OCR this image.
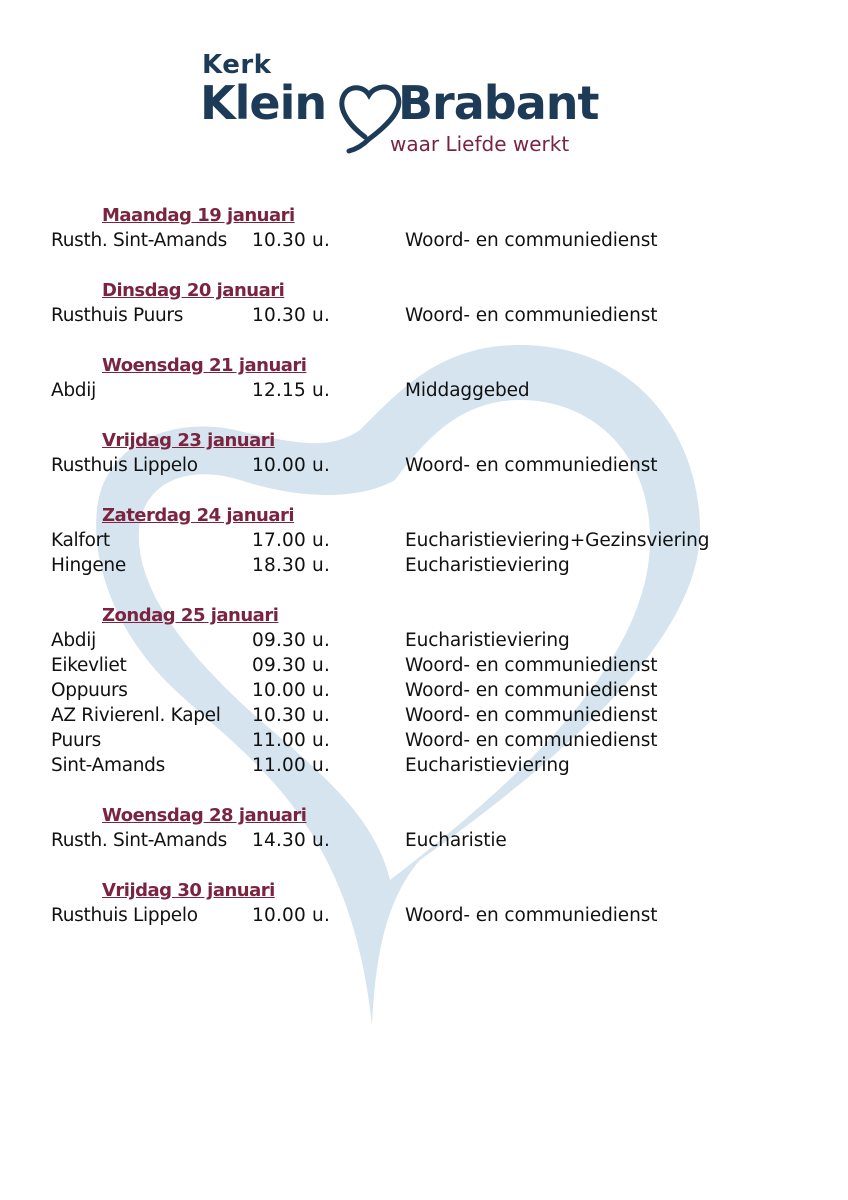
Kerk
Klein Brabant
waar Liefde werkt
Maandag 19 januari
Rusth. Sint-Amands	10.30 u.	Woord- en communiedienst
Dinsdag 20 januari
Rusthuis Puurs	10.30 u.	Woord- en communiedienst
Woensdag 21 januari
Abdij	12.15 u.	Middaggebed
Vrijdag 23 januari
Rusthuis Lippelo	10.00 u.	Woord- en communiedienst
Zaterdag 24 januari
Kalfort	17.00 u.	Eucharistieviering+Gezinsviering
Hingene	18.30 u.	Eucharistieviering
Zondag 25 januari
Abdij	09.30 u.	Eucharistieviering
Eikevliet	09.30 u.	Woord- en communiedienst
Oppuurs	10.00 u.	Woord- en communiedienst
AZ Rivierenl. Kapel	10.30 u.	Woord- en communiedienst
Puurs	11.00 u.	Woord- en communiedienst
Sint-Amands	11.00 u.	Eucharistieviering
Woensdag 28 januari
Rusth. Sint-Amands	14.30 u.	Eucharistie
Vrijdag 30 januari
Rusthuis Lippelo	10.00 u.	Woord- en communiedienst
